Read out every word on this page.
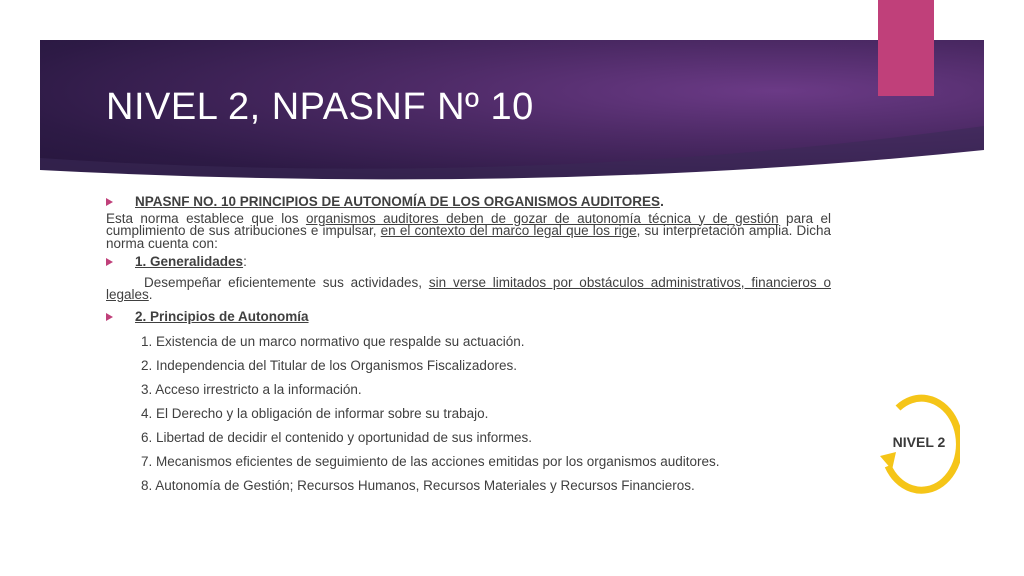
NIVEL 2, NPASNF Nº 10
NPASNF NO. 10 PRINCIPIOS DE AUTONOMÍA DE LOS ORGANISMOS AUDITORES.

Esta norma establece que los organismos auditores deben de gozar de autonomía técnica y de gestión para el cumplimiento de sus atribuciones e impulsar, en el contexto del marco legal que los rige, su interpretación amplia. Dicha norma cuenta con:

1. Generalidades:

Desempeñar eficientemente sus actividades, sin verse limitados por obstáculos administrativos, financieros o legales.

2. Principios de Autonomía

1. Existencia de un marco normativo que respalde su actuación.

2. Independencia del Titular de los Organismos Fiscalizadores.

3. Acceso irrestricto a la información.

4. El Derecho y la obligación de informar sobre su trabajo.

6. Libertad de decidir el contenido y oportunidad de sus informes.

7. Mecanismos eficientes de seguimiento de las acciones emitidas por los organismos auditores.

8. Autonomía de Gestión; Recursos Humanos, Recursos Materiales y Recursos Financieros.

NIVEL 2
